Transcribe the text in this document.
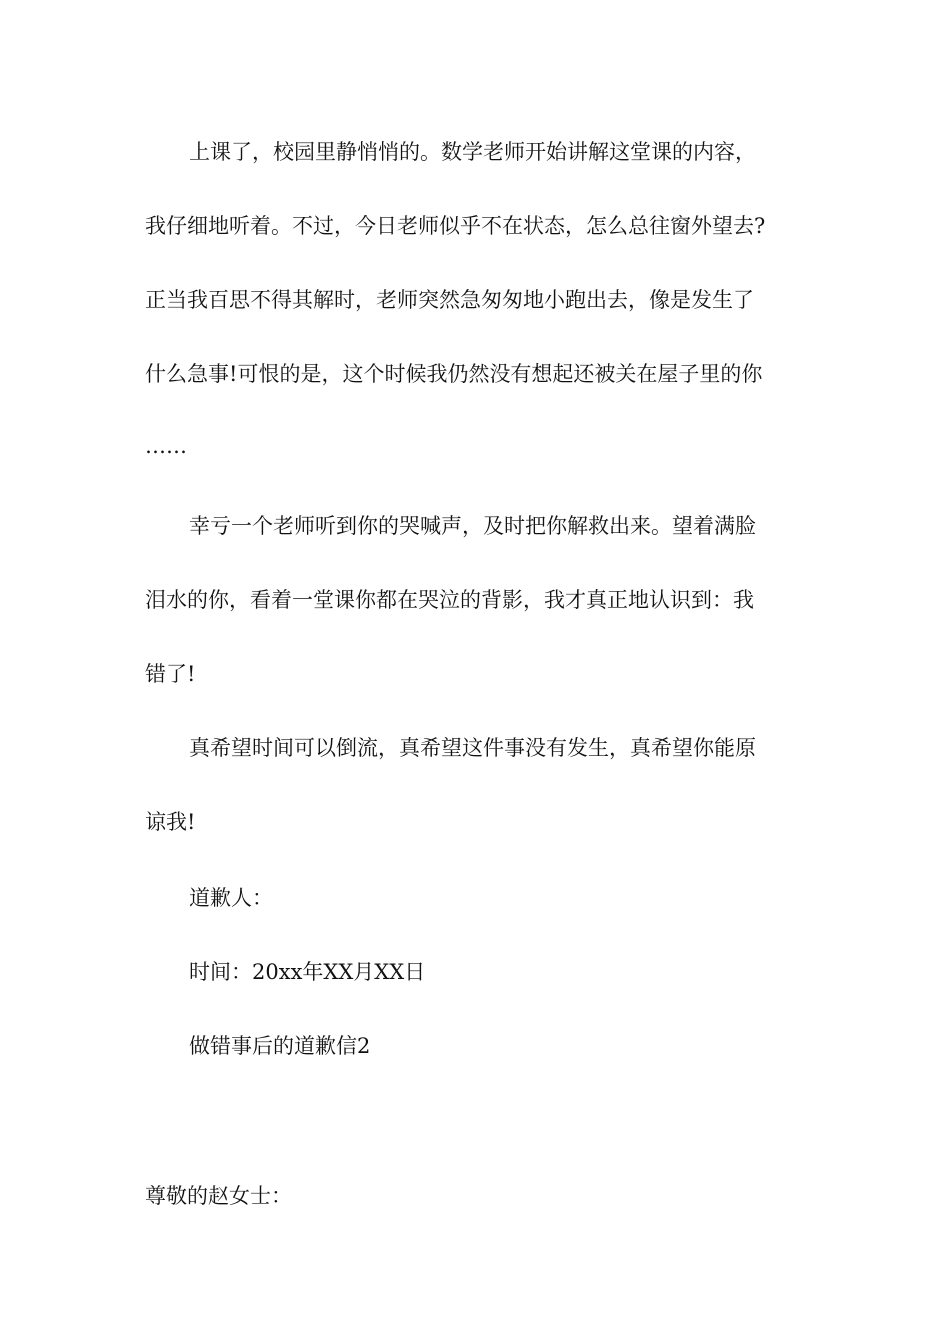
上课了，校园里静悄悄的。数学老师开始讲解这堂课的内容，
我仔细地听着。不过，今日老师似乎不在状态，怎么总往窗外望去?
正当我百思不得其解时，老师突然急匆匆地小跑出去，像是发生了
什么急事!可恨的是，这个时候我仍然没有想起还被关在屋子里的你
……
幸亏一个老师听到你的哭喊声，及时把你解救出来。望着满脸
泪水的你，看着一堂课你都在哭泣的背影，我才真正地认识到：我
错了!
真希望时间可以倒流，真希望这件事没有发生，真希望你能原
谅我!
道歉人：
时间：20xx年XX月XX日
做错事后的道歉信2
尊敬的赵女士：
